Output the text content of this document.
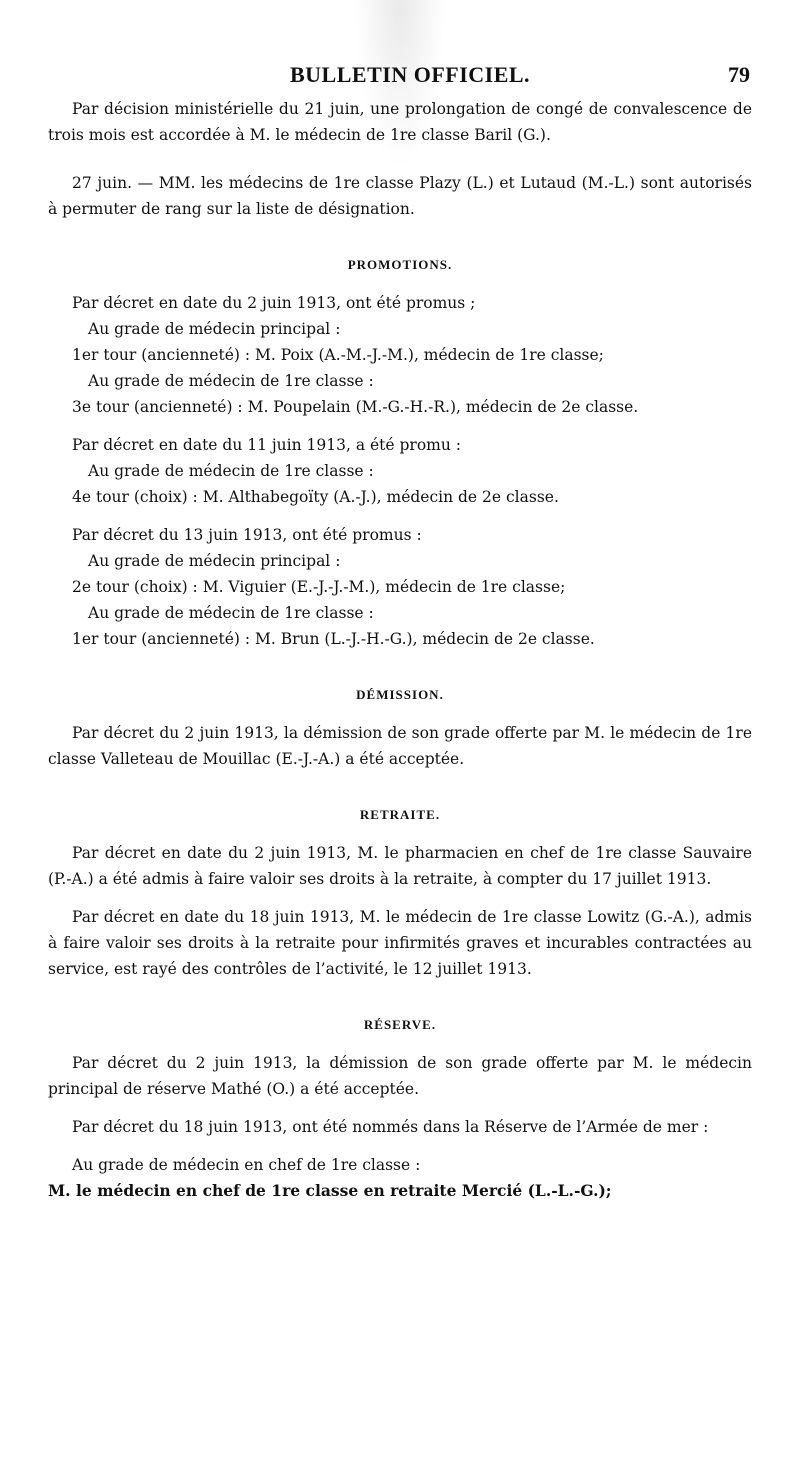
BULLETIN OFFICIEL.	79

Par décision ministérielle du 21 juin, une prolongation de congé de convalescence de trois mois est accordée à M. le médecin de 1re classe Baril (G.).

27 juin. — MM. les médecins de 1re classe Plazy (L.) et Lutaud (M.-L.) sont autorisés à permuter de rang sur la liste de désignation.

PROMOTIONS.

Par décret en date du 2 juin 1913, ont été promus ;

Au grade de médecin principal :

1er tour (ancienneté) : M. Poix (A.-M.-J.-M.), médecin de 1re classe;

Au grade de médecin de 1re classe :

3e tour (ancienneté) : M. Poupelain (M.-G.-H.-R.), médecin de 2e classe.

Par décret en date du 11 juin 1913, a été promu :

Au grade de médecin de 1re classe :

4e tour (choix) : M. Althabegoïty (A.-J.), médecin de 2e classe.

Par décret du 13 juin 1913, ont été promus :

Au grade de médecin principal :

2e tour (choix) : M. Viguier (E.-J.-J.-M.), médecin de 1re classe;

Au grade de médecin de 1re classe :

1er tour (ancienneté) : M. Brun (L.-J.-H.-G.), médecin de 2e classe.

DÉMISSION.

Par décret du 2 juin 1913, la démission de son grade offerte par M. le médecin de 1re classe Valleteau de Mouillac (E.-J.-A.) a été acceptée.

RETRAITE.

Par décret en date du 2 juin 1913, M. le pharmacien en chef de 1re classe Sauvaire (P.-A.) a été admis à faire valoir ses droits à la retraite, à compter du 17 juillet 1913.

Par décret en date du 18 juin 1913, M. le médecin de 1re classe Lowitz (G.-A.), admis à faire valoir ses droits à la retraite pour infirmités graves et incurables contractées au service, est rayé des contrôles de l’activité, le 12 juillet 1913.

RÉSERVE.

Par décret du 2 juin 1913, la démission de son grade offerte par M. le médecin principal de réserve Mathé (O.) a été acceptée.

Par décret du 18 juin 1913, ont été nommés dans la Réserve de l’Armée de mer :

Au grade de médecin en chef de 1re classe :

M. le médecin en chef de 1re classe en retraite Mercié (L.-L.-G.);
